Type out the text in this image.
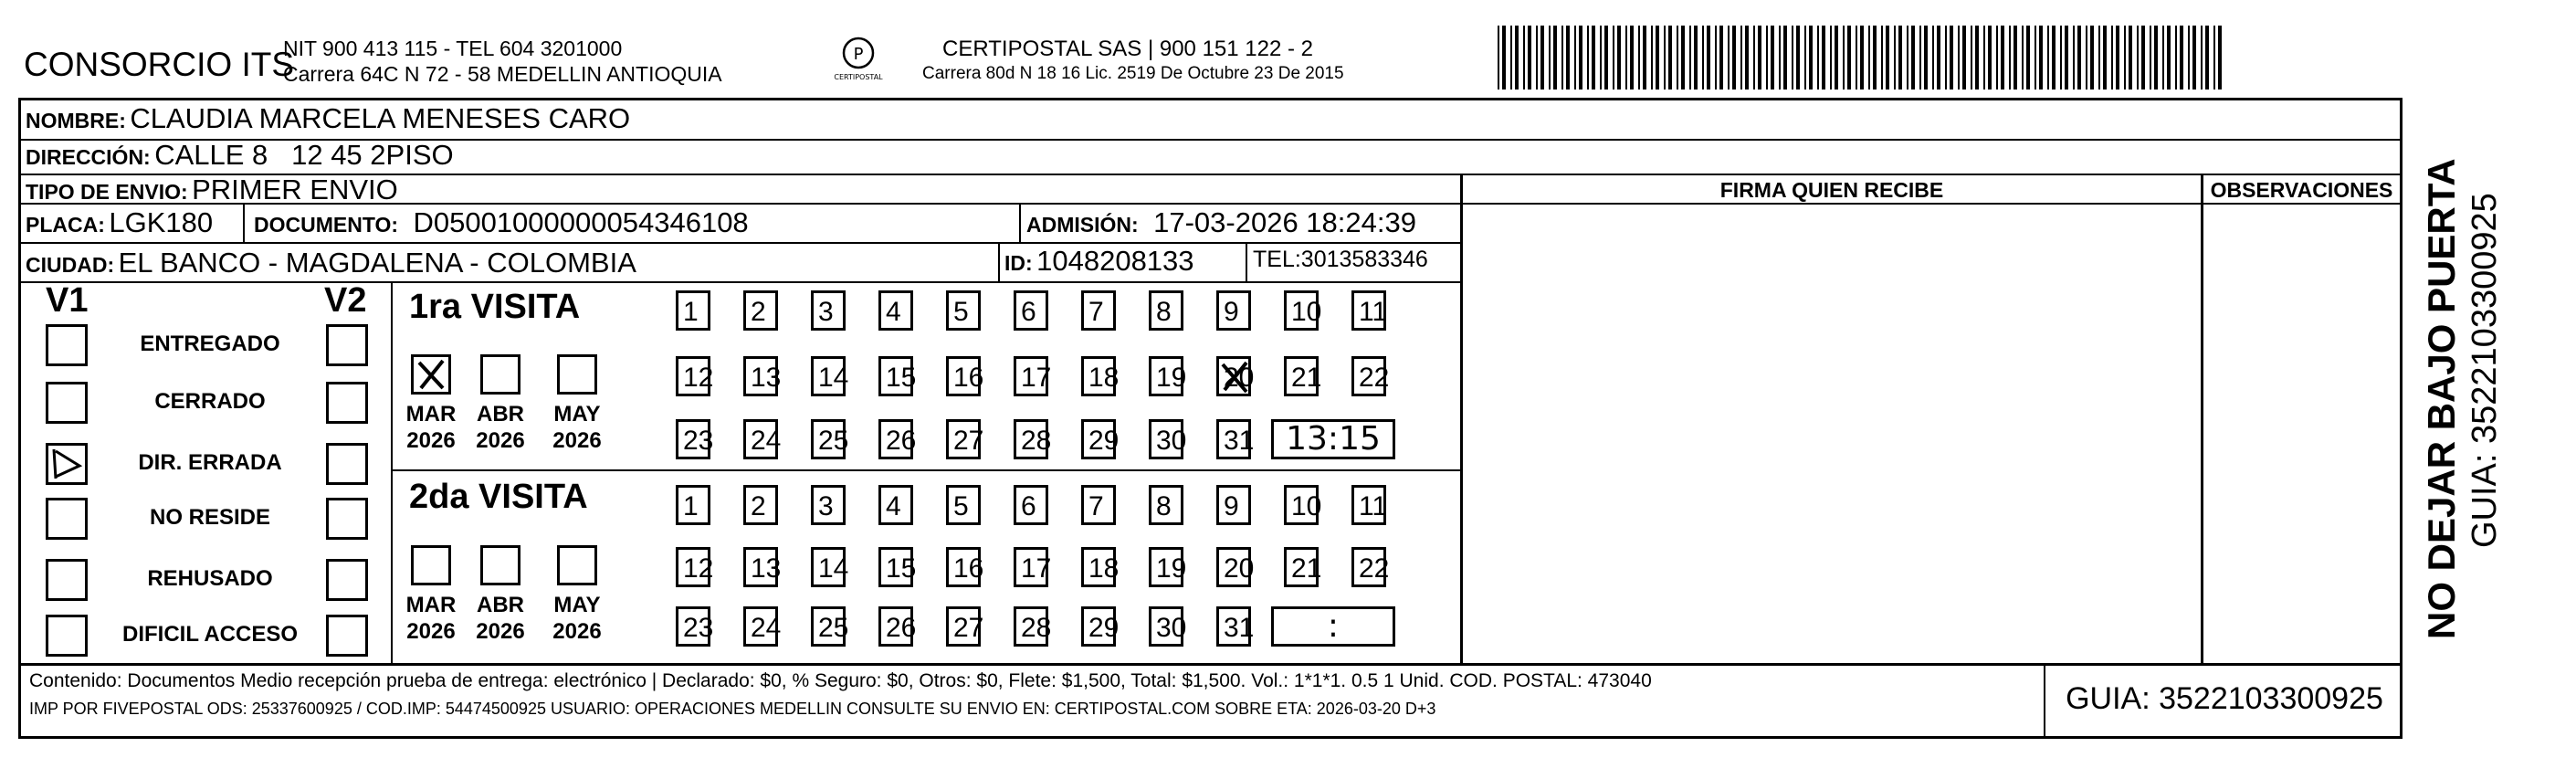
CONSORCIO ITS
NIT 900 413 115 - TEL 604 3201000
Carrera 64C N 72 - 58 MEDELLIN ANTIOQUIA
P
CERTIPOSTAL
CERTIPOSTAL SAS | 900 151 122 - 2
Carrera 80d N 18 16 Lic. 2519 De Octubre 23 De 2015
NOMBRE: CLAUDIA MARCELA MENESES CARO
DIRECCIÓN: CALLE 8   12 45 2PISO
TIPO DE ENVIO: PRIMER ENVIO	FIRMA QUIEN RECIBE	OBSERVACIONES
PLACA: LGK180 DOCUMENTO: D05001000000054346108	ADMISIÓN: 17-03-2026 18:24:39
CIUDAD: EL BANCO - MAGDALENA - COLOMBIA	ID: 1048208133	TEL:3013583346
V1	V2
ENTREGADO
CERRADO
DIR. ERRADA
NO RESIDE
REHUSADO
DIFICIL ACCESO
1ra VISITA
MAR
2026
ABR
2026
MAY
2026
1 2 3 4 5 6 7 8 9 10 11
12 13 14 15 16 17 18 19 20 21 22
23 24 25 26 27 28 29 30 31 13:15
2da VISITA
MAR
2026
ABR
2026
MAY
2026
1 2 3 4 5 6 7 8 9 10 11
12 13 14 15 16 17 18 19 20 21 22
23 24 25 26 27 28 29 30 31	:
Contenido: Documentos Medio recepción prueba de entrega: electrónico | Declarado: $0, % Seguro: $0, Otros: $0, Flete: $1,500, Total: $1,500. Vol.: 1*1*1. 0.5 1 Unid. COD. POSTAL: 473040
IMP POR FIVEPOSTAL ODS: 25337600925 / COD.IMP: 54474500925 USUARIO: OPERACIONES MEDELLIN CONSULTE SU ENVIO EN: CERTIPOSTAL.COM SOBRE ETA: 2026-03-20 D+3	GUIA: 3522103300925
NO DEJAR BAJO PUERTA GUIA: 3522103300925
